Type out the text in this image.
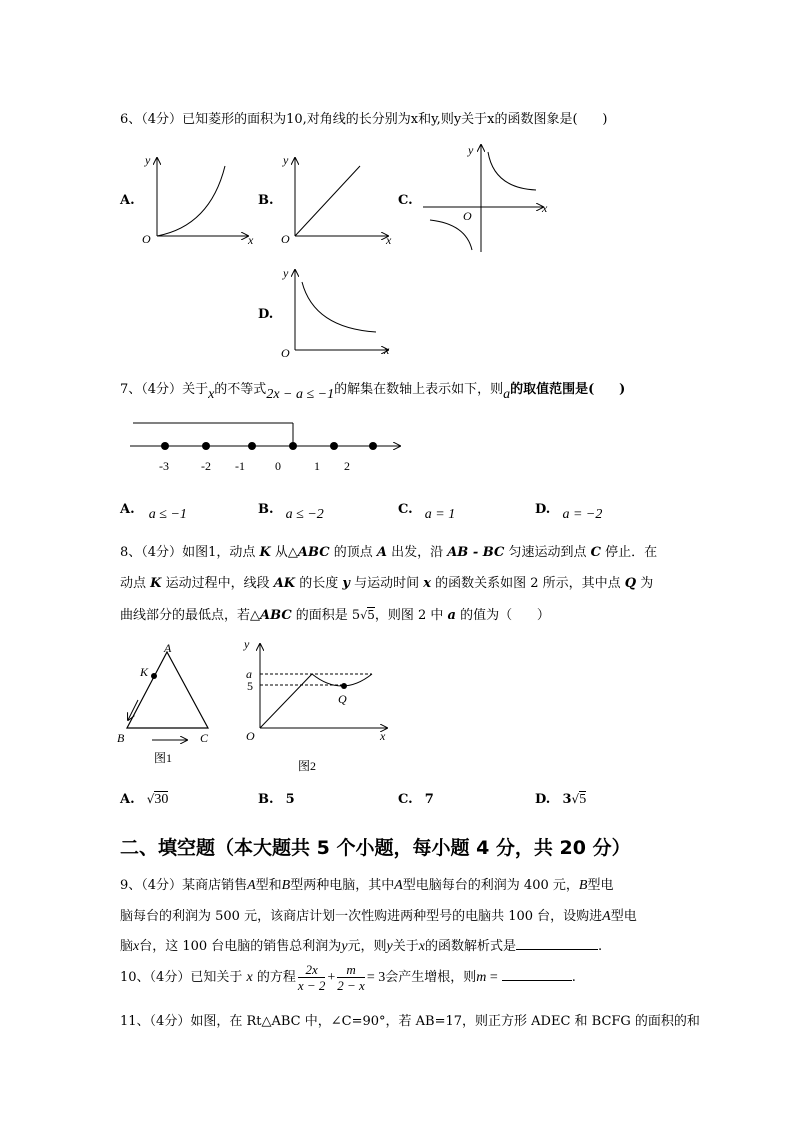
6、（4分）已知菱形的面积为10,对角线的长分别为x和y,则y关于x的函数图象是( )
A.	B.	C.
D.
O
y
x O
y
x
O
y
x
O
y
x
7、（4分）关于x的不等式2x − a ≤ −1的解集在数轴上表示如下，则a的取值范围是( )
-3	-2 -1	0	1 2
A. a ≤ −1	B. a ≤ −2	C. a = 1	D. a = −2
8、（4分）如图1，动点 K 从△ABC 的顶点 A 出发，沿 AB - BC 匀速运动到点 C 停止．在
动点 K 运动过程中，线段 AK 的长度 y 与运动时间 x 的函数关系如图 2 所示，其中点 Q 为
曲线部分的最低点，若△ABC 的面积是 5√5，则图 2 中 a 的值为（ ）
A
K
B	C
图1
y
a
5
O	x
Q
图2
A. √30	B. 5	C. 7	D. 3√5
二、填空题（本大题共 5 个小题，每小题 4 分，共 20 分）
9、（4分）某商店销售A型和B型两种电脑，其中A型电脑每台的利润为 400 元，B型电
脑每台的利润为 500 元，该商店计划一次性购进两种型号的电脑共 100 台，设购进A型电
脑x台，这 100 台电脑的销售总利润为y元，则y关于x的函数解析式是	.
10、（4分）已知关于 x 的方程 $\frac{2x}{x - 2} + \frac{m}{2 - x} = 3$会产生增根，则m =	.
11、（4分）如图，在 Rt△ABC 中，∠C=90°，若 AB=17，则正方形 ADEC 和 BCFG 的面积的和
